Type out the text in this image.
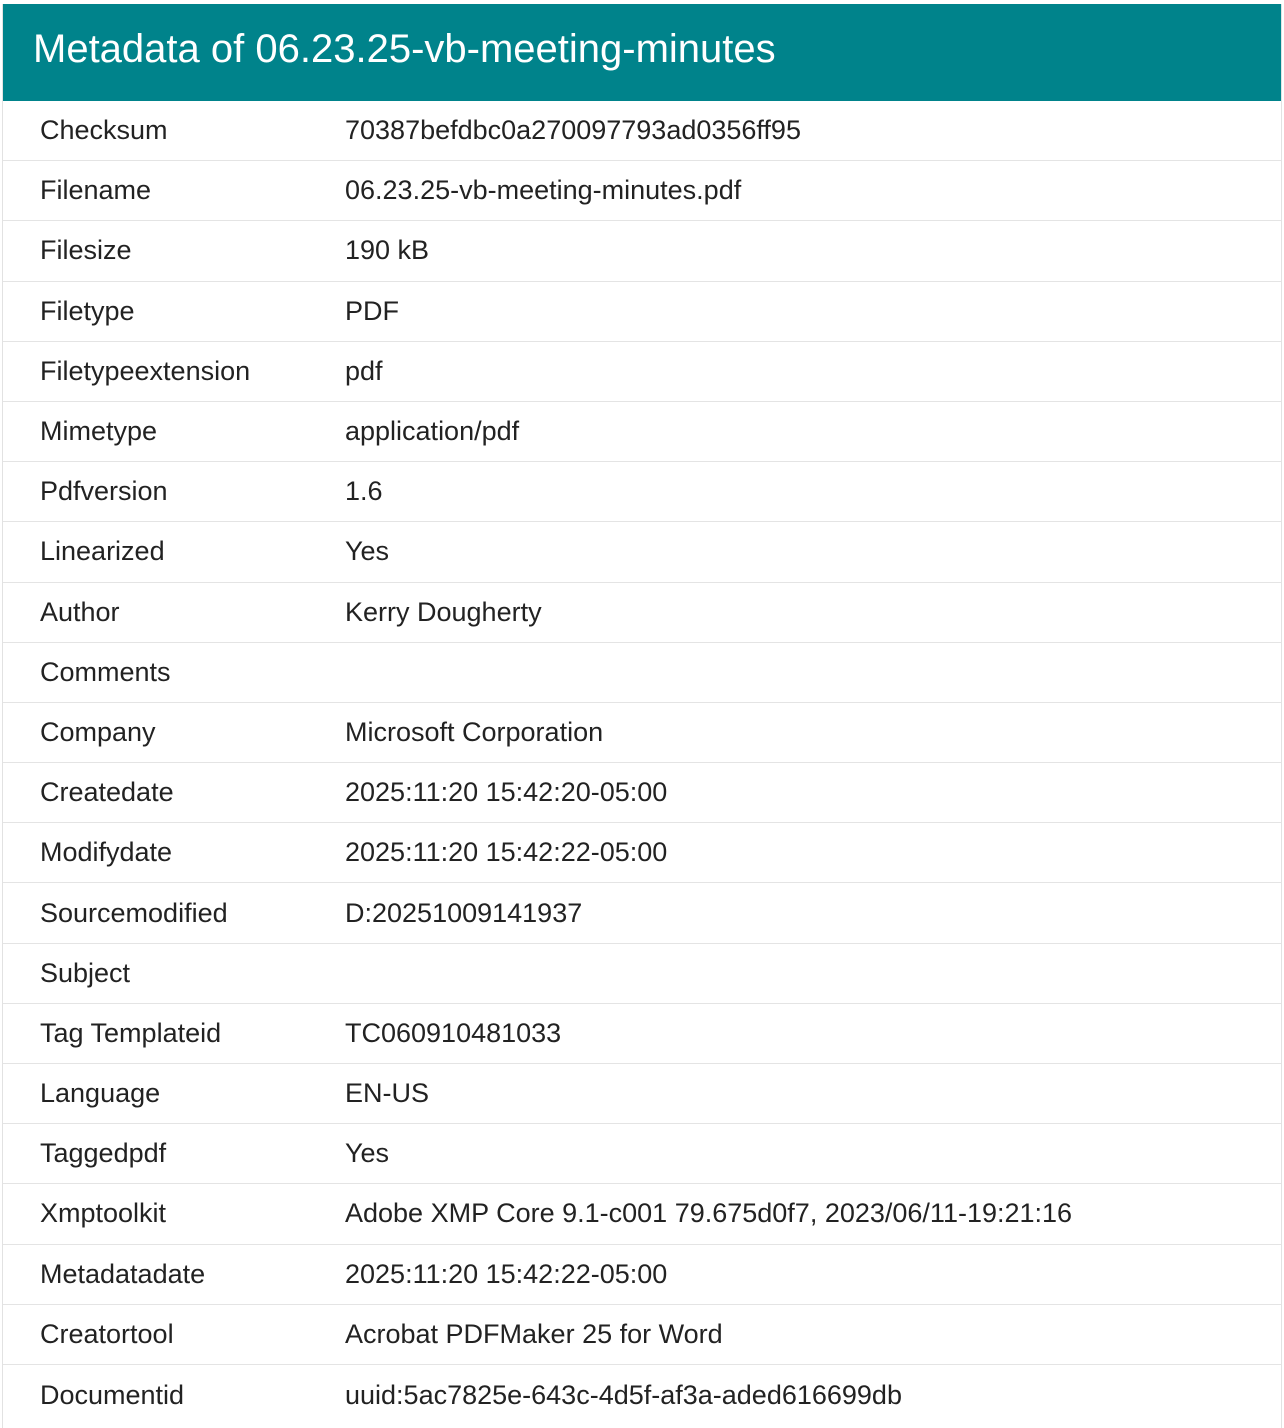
Metadata of 06.23.25-vb-meeting-minutes
Checksum	70387befdbc0a270097793ad0356ff95
Filename	06.23.25-vb-meeting-minutes.pdf
Filesize	190 kB
Filetype	PDF
Filetypeextension	pdf
Mimetype	application/pdf
Pdfversion	1.6
Linearized	Yes
Author	Kerry Dougherty
Comments
Company	Microsoft Corporation
Createdate	2025:11:20 15:42:20-05:00
Modifydate	2025:11:20 15:42:22-05:00
Sourcemodified	D:20251009141937
Subject
Tag Templateid	TC060910481033
Language	EN-US
Taggedpdf	Yes
Xmptoolkit	Adobe XMP Core 9.1-c001 79.675d0f7, 2023/06/11-19:21:16
Metadatadate	2025:11:20 15:42:22-05:00
Creatortool	Acrobat PDFMaker 25 for Word
Documentid	uuid:5ac7825e-643c-4d5f-af3a-aded616699db
